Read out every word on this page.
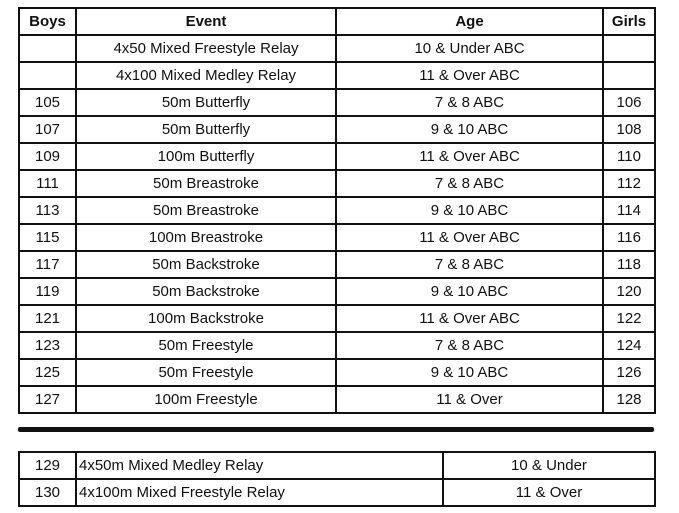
Boys	Event	Age	Girls
	4x50 Mixed Freestyle Relay	10 & Under ABC	
	4x100 Mixed Medley Relay	11 & Over ABC	
105	50m Butterfly	7 & 8 ABC	106
107	50m Butterfly	9 & 10 ABC	108
109	100m Butterfly	11 & Over ABC	110
111	50m Breastroke	7 & 8 ABC	112
113	50m Breastroke	9 & 10 ABC	114
115	100m Breastroke	11 & Over ABC	116
117	50m Backstroke	7 & 8 ABC	118
119	50m Backstroke	9 & 10 ABC	120
121	100m Backstroke	11 & Over ABC	122
123	50m Freestyle	7 & 8 ABC	124
125	50m Freestyle	9 & 10 ABC	126
127	100m Freestyle	11 & Over	128
129	4x50m Mixed Medley Relay	10 & Under
130	4x100m Mixed Freestyle Relay	11 & Over
